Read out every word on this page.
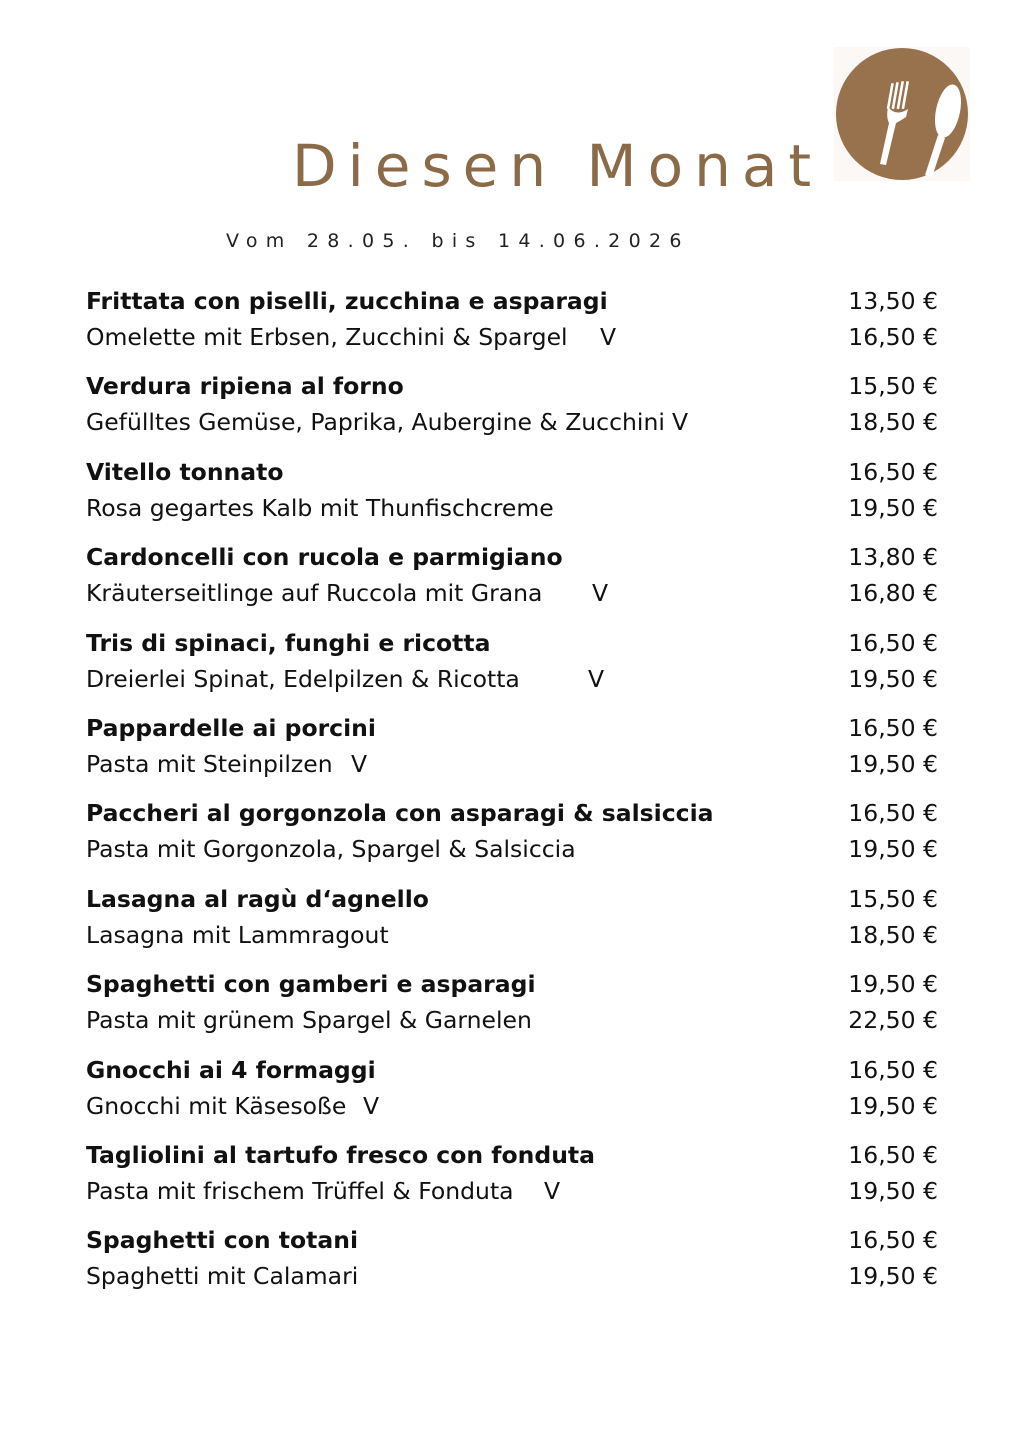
Diesen Monat
Vom 28.05. bis 14.06.2026
Frittata con piselli, zucchina e asparagi	13,50 €
Omelette mit Erbsen, Zucchini & Spargel V	16,50 €
Verdura ripiena al forno	15,50 €
Gefülltes Gemüse, Paprika, Aubergine & Zucchini V	18,50 €
Vitello tonnato	16,50 €
Rosa gegartes Kalb mit Thunfischcreme	19,50 €
Cardoncelli con rucola e parmigiano	13,80 €
Kräuterseitlinge auf Ruccola mit Grana V	16,80 €
Tris di spinaci, funghi e ricotta	16,50 €
Dreierlei Spinat, Edelpilzen & Ricotta	V	19,50 €
Pappardelle ai porcini	16,50 €
Pasta mit Steinpilzen V	19,50 €
Paccheri al gorgonzola con asparagi & salsiccia	16,50 €
Pasta mit Gorgonzola, Spargel & Salsiccia	19,50 €
Lasagna al ragù d‘agnello	15,50 €
Lasagna mit Lammragout	18,50 €
Spaghetti con gamberi e asparagi	19,50 €
Pasta mit grünem Spargel & Garnelen	22,50 €
Gnocchi ai 4 formaggi	16,50 €
Gnocchi mit Käsesoße V	19,50 €
Tagliolini al tartufo fresco con fonduta	16,50 €
Pasta mit frischem Trüffel & Fonduta V	19,50 €
Spaghetti con totani	16,50 €
Spaghetti mit Calamari	19,50 €
